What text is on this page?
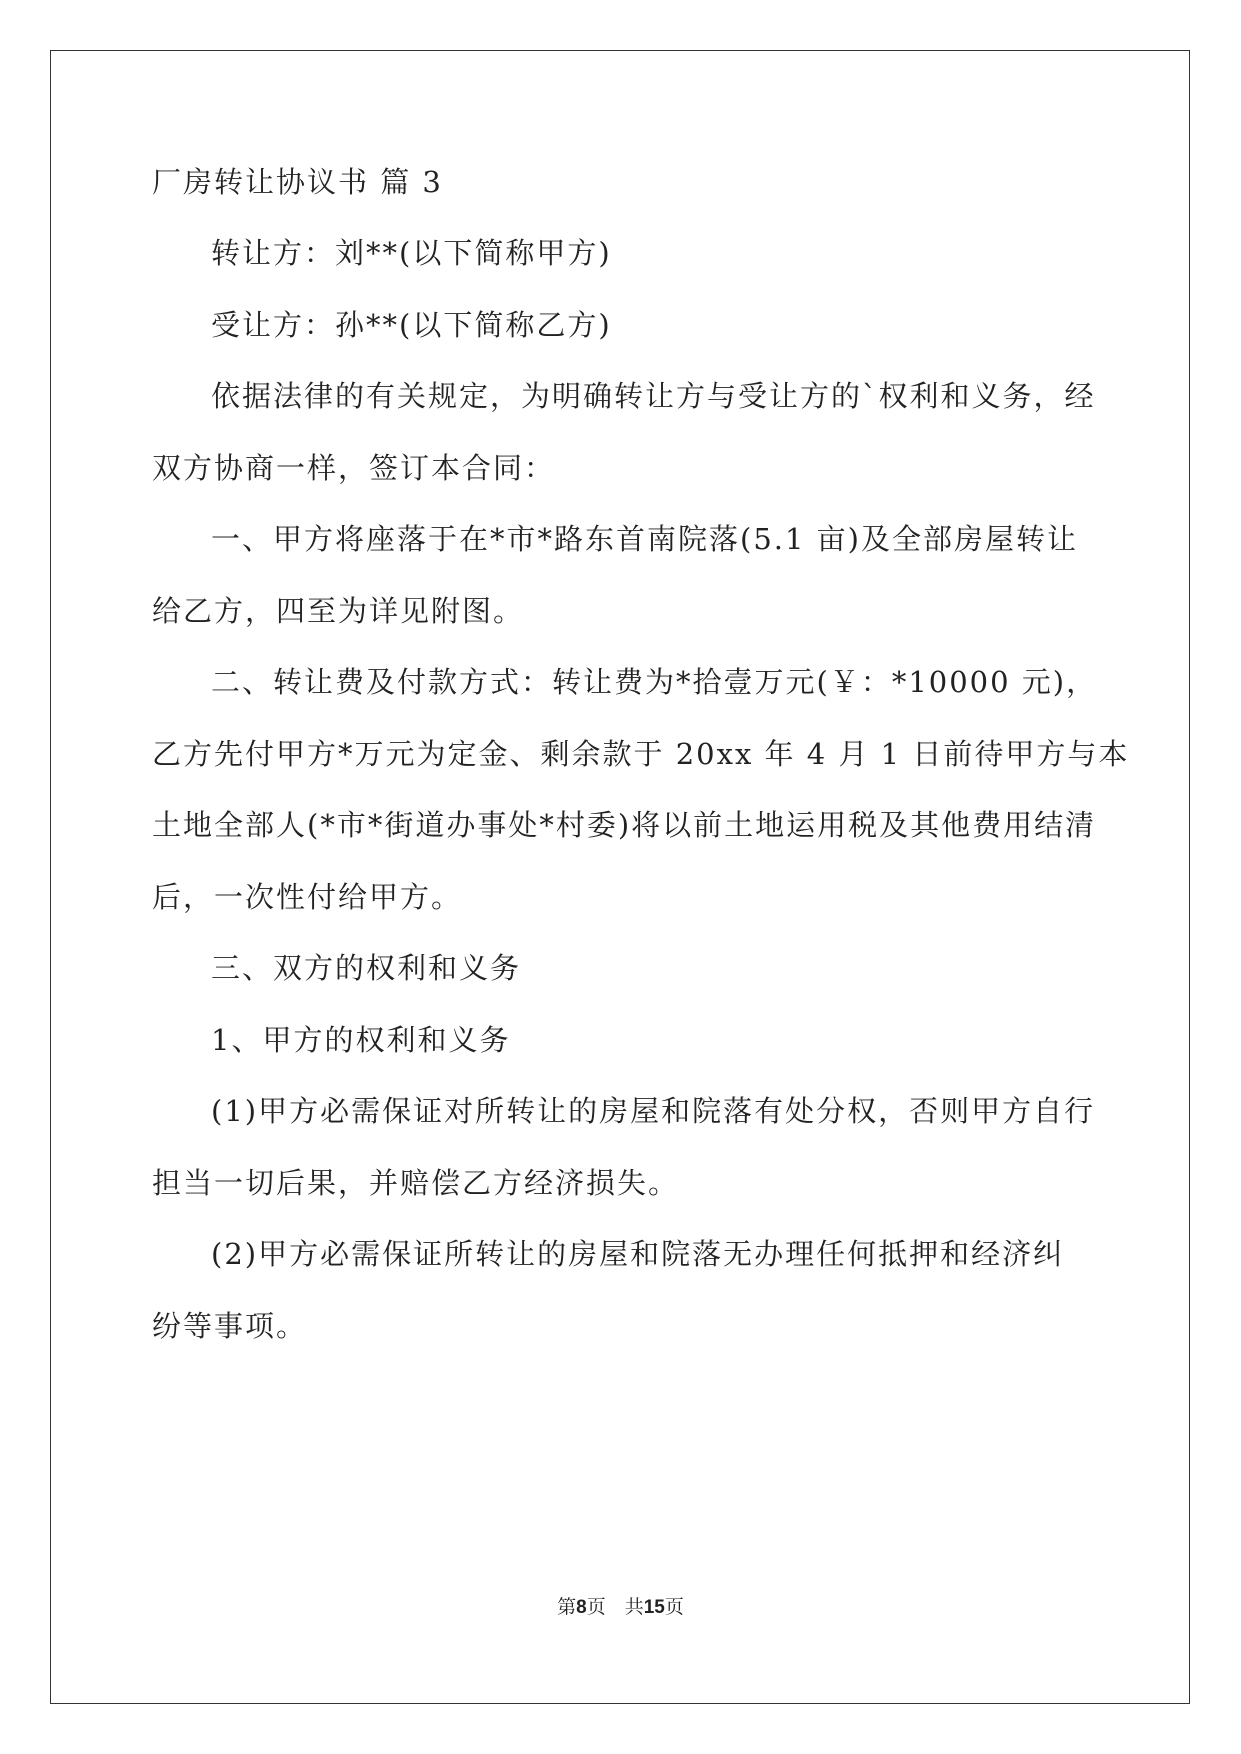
厂房转让协议书 篇 3
转让方：刘**(以下简称甲方)
受让方：孙**(以下简称乙方)
依据法律的有关规定，为明确转让方与受让方的`权利和义务，经
双方协商一样，签订本合同：
一、甲方将座落于在*市*路东首南院落(5.1 亩)及全部房屋转让
给乙方，四至为详见附图。
二、转让费及付款方式：转让费为*拾壹万元(￥：*10000 元)，
乙方先付甲方*万元为定金、剩余款于 20xx 年 4 月 1 日前待甲方与本
土地全部人(*市*街道办事处*村委)将以前土地运用税及其他费用结清
后，一次性付给甲方。
三、双方的权利和义务
1、甲方的权利和义务
(1)甲方必需保证对所转让的房屋和院落有处分权，否则甲方自行
担当一切后果，并赔偿乙方经济损失。
(2)甲方必需保证所转让的房屋和院落无办理任何抵押和经济纠
纷等事项。
第8页　共15页
